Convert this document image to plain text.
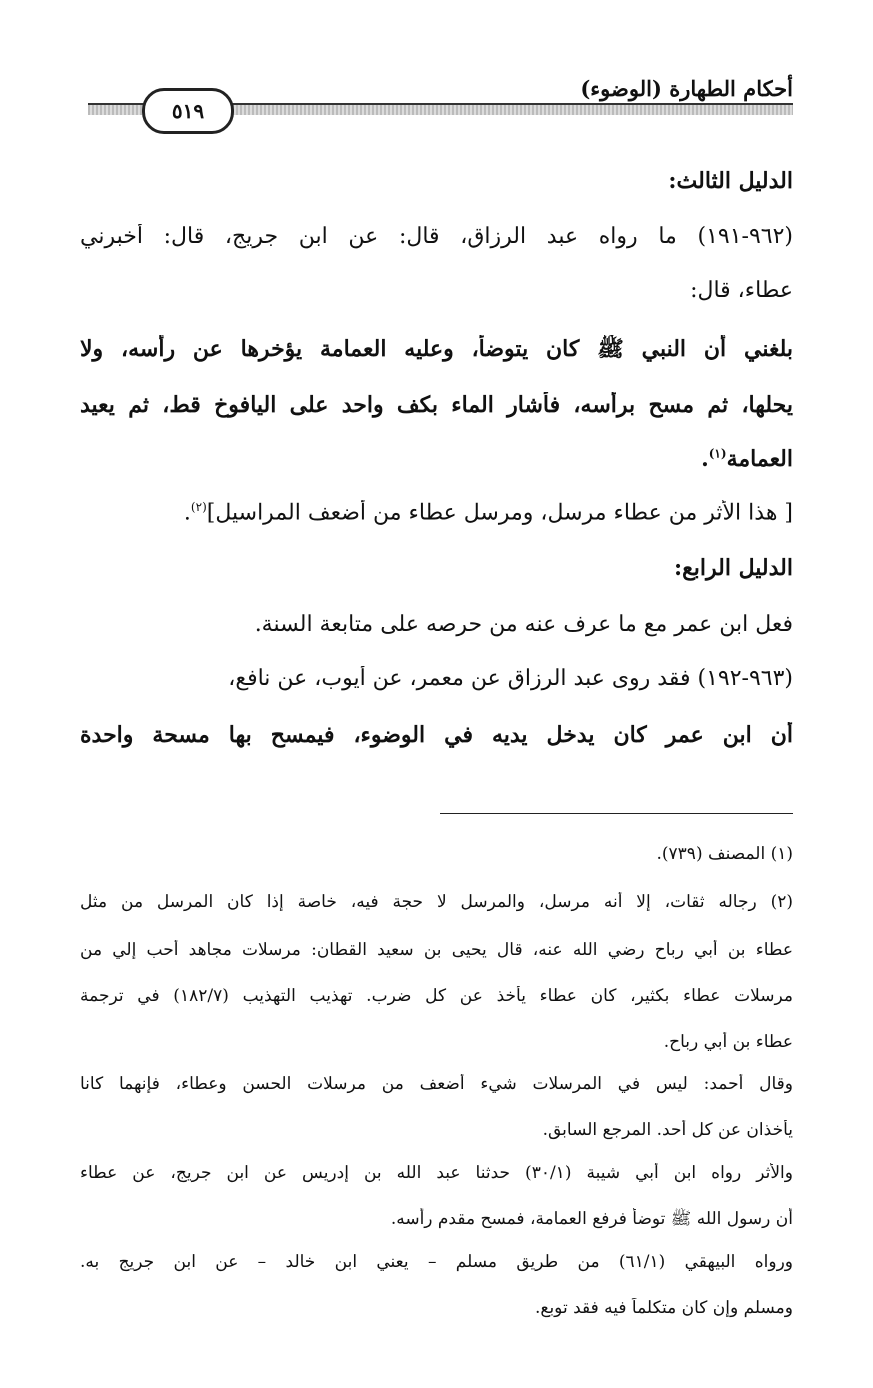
أحكام الطهارة (الوضوء)
٥١٩
الدليل الثالث:
(٩٦٢-١٩١) ما رواه عبد الرزاق، قال: عن ابن جريج، قال: أخبرني
عطاء، قال:
بلغني أن النبي ﷺ كان يتوضأ، وعليه العمامة يؤخرها عن رأسه، ولا
يحلها، ثم مسح برأسه، فأشار الماء بكف واحد على اليافوخ قط، ثم يعيد
العمامة$^{(١)}$.
[ هذا الأثر من عطاء مرسل، ومرسل عطاء من أضعف المراسيل]$^{(٢)}$.
الدليل الرابع:
فعل ابن عمر مع ما عرف عنه من حرصه على متابعة السنة.
(٩٦٣-١٩٢) فقد روى عبد الرزاق عن معمر، عن أيوب، عن نافع،
أن ابن عمر كان يدخل يديه في الوضوء، فيمسح بها مسحة واحدة
(١) المصنف (٧٣٩).
(٢) رجاله ثقات، إلا أنه مرسل، والمرسل لا حجة فيه، خاصة إذا كان المرسل من مثل
عطاء بن أبي رباح رضي الله عنه، قال يحيى بن سعيد القطان: مرسلات مجاهد أحب إلي من
مرسلات عطاء بكثير، كان عطاء يأخذ عن كل ضرب. تهذيب التهذيب (١٨٢/٧) في ترجمة
عطاء بن أبي رباح.
وقال أحمد: ليس في المرسلات شيء أضعف من مرسلات الحسن وعطاء، فإنهما كانا
يأخذان عن كل أحد. المرجع السابق.
والأثر رواه ابن أبي شيبة (٣٠/١) حدثنا عبد الله بن إدريس عن ابن جريج، عن عطاء
أن رسول الله ﷺ توضأ فرفع العمامة، فمسح مقدم رأسه.
ورواه البيهقي (٦١/١) من طريق مسلم – يعني ابن خالد – عن ابن جريج به.
ومسلم وإن كان متكلماً فيه فقد توبع.
